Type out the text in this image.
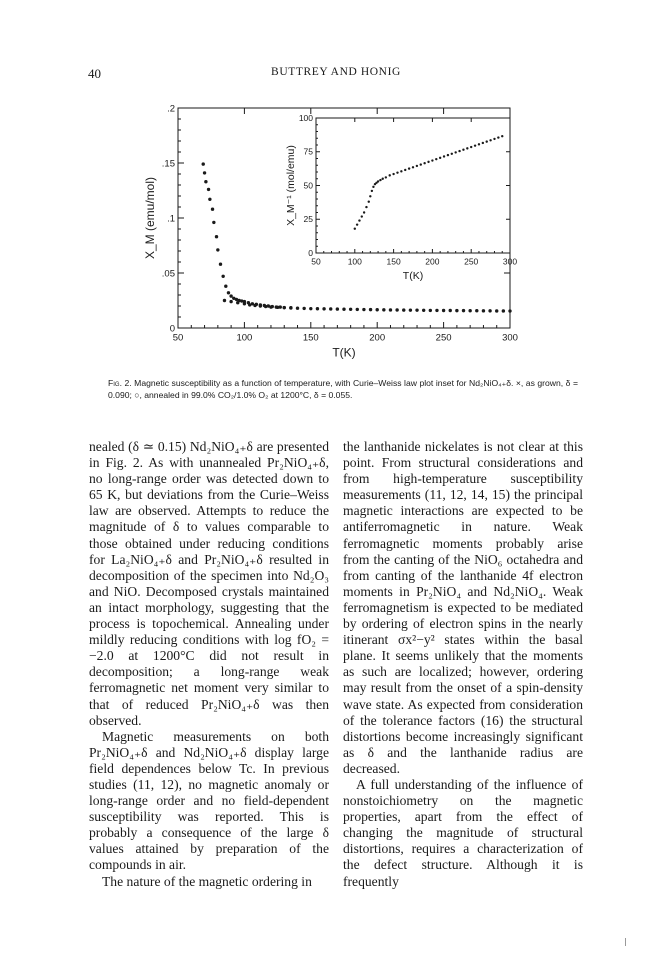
40	BUTTREY AND HONIG
50	100	150	200	250	300
.2
.15
.1
.05
0
T(K)
X_M (emu/mol)
50	100	150	200	250	300
100
75
50
25
0
T(K)
X_M⁻¹ (mol/emu)
Fig. 2. Magnetic susceptibility as a function of temperature, with Curie–Weiss law plot inset for Nd₂NiO₄₊δ. ×, as grown, δ = 0.090; ○, annealed in 99.0% CO₂/1.0% O₂ at 1200°C, δ = 0.055.

nealed (δ ≃ 0.15) Nd₂NiO₄₊δ are presented in Fig. 2. As with unannealed Pr₂NiO₄₊δ, no long-range order was detected down to 65 K, but deviations from the Curie–Weiss law are observed. Attempts to reduce the magnitude of δ to values comparable to those obtained under reducing conditions for La₂NiO₄₊δ and Pr₂NiO₄₊δ resulted in decomposition of the specimen into Nd₂O₃ and NiO. Decomposed crystals maintained an intact morphology, suggesting that the process is topochemical. Annealing under mildly reducing conditions with log fO₂ = −2.0 at 1200°C did not result in decomposition; a long-range weak ferromagnetic net moment very similar to that of reduced Pr₂NiO₄₊δ was then observed.

Magnetic measurements on both Pr₂NiO₄₊δ and Nd₂NiO₄₊δ display large field dependences below Tc. In previous studies (11, 12), no magnetic anomaly or long-range order and no field-dependent susceptibility was reported. This is probably a consequence of the large δ values attained by preparation of the compounds in air.

The nature of the magnetic ordering in

the lanthanide nickelates is not clear at this point. From structural considerations and from high-temperature susceptibility measurements (11, 12, 14, 15) the principal magnetic interactions are expected to be antiferromagnetic in nature. Weak ferromagnetic moments probably arise from the canting of the NiO₆ octahedra and from canting of the lanthanide 4f electron moments in Pr₂NiO₄ and Nd₂NiO₄. Weak ferromagnetism is expected to be mediated by ordering of electron spins in the nearly itinerant σx²−y² states within the basal plane. It seems unlikely that the moments as such are localized; however, ordering may result from the onset of a spin-density wave state. As expected from consideration of the tolerance factors (16) the structural distortions become increasingly significant as δ and the lanthanide radius are decreased.

A full understanding of the influence of nonstoichiometry on the magnetic properties, apart from the effect of changing the magnitude of structural distortions, requires a characterization of the defect structure. Although it is frequently
